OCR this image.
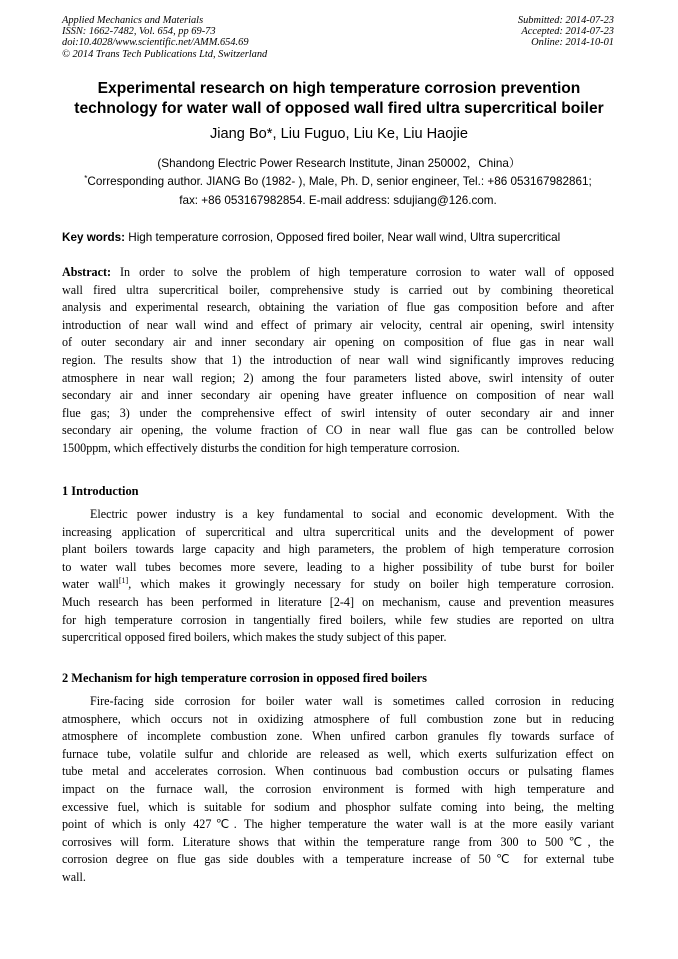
Applied Mechanics and Materials
ISSN: 1662-7482, Vol. 654, pp 69-73
doi:10.4028/www.scientific.net/AMM.654.69
© 2014 Trans Tech Publications Ltd, Switzerland
Submitted: 2014-07-23
Accepted: 2014-07-23
Online: 2014-10-01
Experimental research on high temperature corrosion prevention
technology for water wall of opposed wall fired ultra supercritical boiler
Jiang Bo*, Liu Fuguo, Liu Ke, Liu Haojie
(Shandong Electric Power Research Institute, Jinan 250002，China）
*Corresponding author. JIANG Bo (1982- ), Male, Ph. D, senior engineer, Tel.: +86 053167982861;
fax: +86 053167982854. E-mail address: sdujiang@126.com.
Key words: High temperature corrosion, Opposed fired boiler, Near wall wind, Ultra supercritical
Abstract: In order to solve the problem of high temperature corrosion to water wall of opposed
wall fired ultra supercritical boiler, comprehensive study is carried out by combining theoretical
analysis and experimental research, obtaining the variation of flue gas composition before and after
introduction of near wall wind and effect of primary air velocity, central air opening, swirl intensity
of outer secondary air and inner secondary air opening on composition of flue gas in near wall
region. The results show that 1) the introduction of near wall wind significantly improves reducing
atmosphere in near wall region; 2) among the four parameters listed above, swirl intensity of outer
secondary air and inner secondary air opening have greater influence on composition of near wall
flue gas; 3) under the comprehensive effect of swirl intensity of outer secondary air and inner
secondary air opening, the volume fraction of CO in near wall flue gas can be controlled below
1500ppm, which effectively disturbs the condition for high temperature corrosion.
1 Introduction
Electric power industry is a key fundamental to social and economic development. With the
increasing application of supercritical and ultra supercritical units and the development of power
plant boilers towards large capacity and high parameters, the problem of high temperature corrosion
to water wall tubes becomes more severe, leading to a higher possibility of tube burst for boiler
water wall[1], which makes it growingly necessary for study on boiler high temperature corrosion.
Much research has been performed in literature [2-4] on mechanism, cause and prevention measures
for high temperature corrosion in tangentially fired boilers, while few studies are reported on ultra
supercritical opposed fired boilers, which makes the study subject of this paper.
2 Mechanism for high temperature corrosion in opposed fired boilers
Fire-facing side corrosion for boiler water wall is sometimes called corrosion in reducing
atmosphere, which occurs not in oxidizing atmosphere of full combustion zone but in reducing
atmosphere of incomplete combustion zone. When unfired carbon granules fly towards surface of
furnace tube, volatile sulfur and chloride are released as well, which exerts sulfurization effect on
tube metal and accelerates corrosion. When continuous bad combustion occurs or pulsating flames
impact on the furnace wall, the corrosion environment is formed with high temperature and
excessive fuel, which is suitable for sodium and phosphor sulfate coming into being, the melting
point of which is only 427℃. The higher temperature the water wall is at the more easily variant
corrosives will form. Literature shows that within the temperature range from 300 to 500℃, the
corrosion degree on flue gas side doubles with a temperature increase of 50℃ for external tube
wall.
